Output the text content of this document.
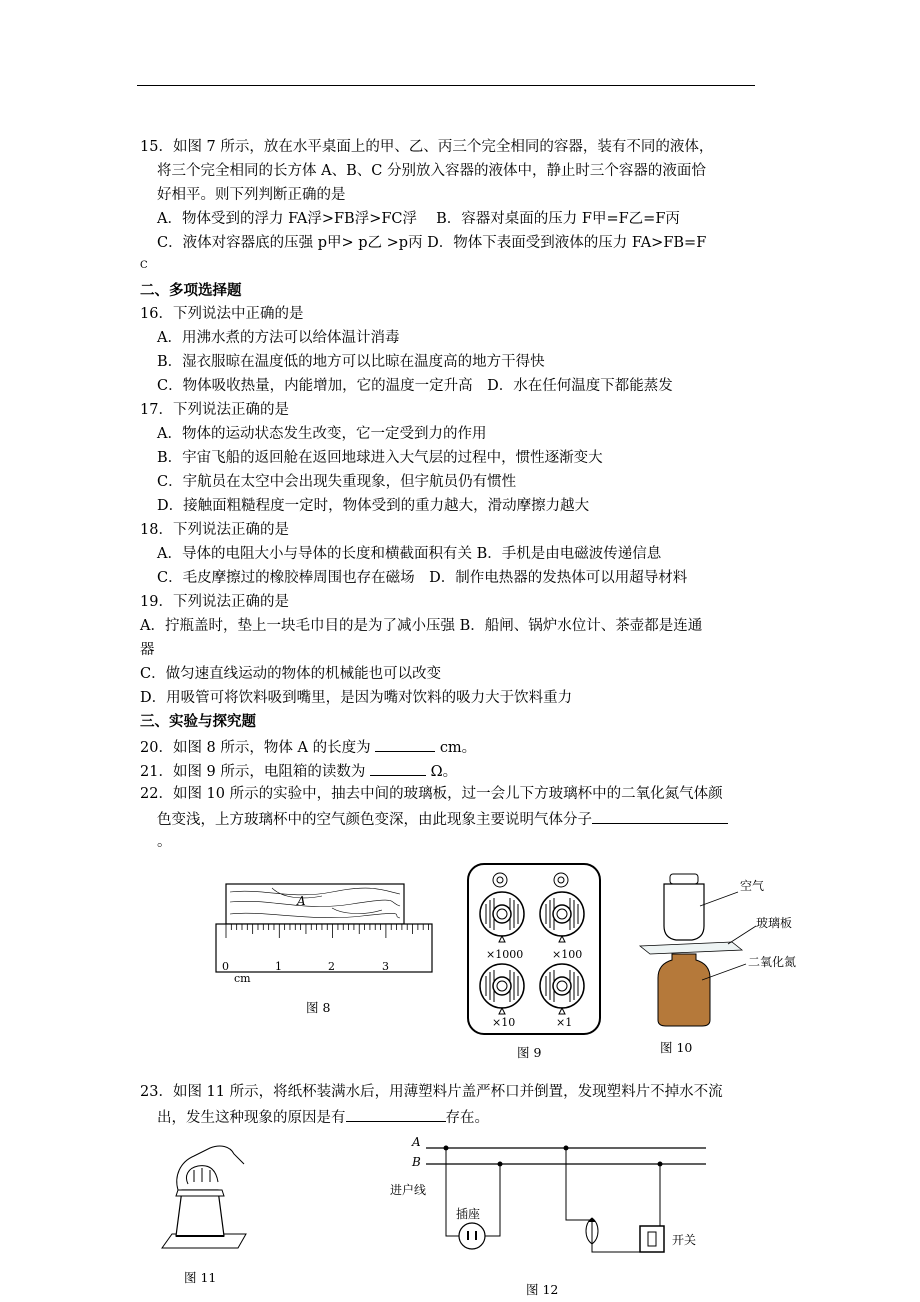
15．如图 7 所示，放在水平桌面上的甲、乙、丙三个完全相同的容器，装有不同的液体，
将三个完全相同的长方体 A、B、C 分别放入容器的液体中，静止时三个容器的液面恰
好相平。则下列判断正确的是
A．物体受到的浮力 FA浮>FB浮>FC浮　 B．容器对桌面的压力 F甲=F乙=F丙
C．液体对容器底的压强 p甲> p乙 >p丙 D．物体下表面受到液体的压力 FA>FB=F
C
二、多项选择题
16．下列说法中正确的是
A．用沸水煮的方法可以给体温计消毒
B．湿衣服晾在温度低的地方可以比晾在温度高的地方干得快
C．物体吸收热量，内能增加，它的温度一定升高　D．水在任何温度下都能蒸发
17．下列说法正确的是
A．物体的运动状态发生改变，它一定受到力的作用
B．宇宙飞船的返回舱在返回地球进入大气层的过程中，惯性逐渐变大
C．宇航员在太空中会出现失重现象，但宇航员仍有惯性
D．接触面粗糙程度一定时，物体受到的重力越大，滑动摩擦力越大
18．下列说法正确的是
A．导体的电阻大小与导体的长度和横截面积有关 B．手机是由电磁波传递信息
C．毛皮摩擦过的橡胶棒周围也存在磁场　D．制作电热器的发热体可以用超导材料
19．下列说法正确的是
A．拧瓶盖时，垫上一块毛巾目的是为了减小压强 B．船闸、锅炉水位计、茶壶都是连通
器
C．做匀速直线运动的物体的机械能也可以改变
D．用吸管可将饮料吸到嘴里，是因为嘴对饮料的吸力大于饮料重力
三、实验与探究题
20．如图 8 所示，物体 A 的长度为	cm。
21．如图 9 所示，电阻箱的读数为	Ω。
22．如图 10 所示的实验中，抽去中间的玻璃板，过一会儿下方玻璃杯中的二氧化氮气体颜
色变浅，上方玻璃杯中的空气颜色变深，由此现象主要说明气体分子
。
A
0	1	2	3
cm
图 8
×1000	×100
×10	×1
图 9
空气
玻璃板
二氧化氮
图 10
23．如图 11 所示，将纸杯装满水后，用薄塑料片盖严杯口并倒置，发现塑料片不掉水不流
出，发生这种现象的原因是有	存在。
图 11
A
B
进户线
插座
开关
图 12
